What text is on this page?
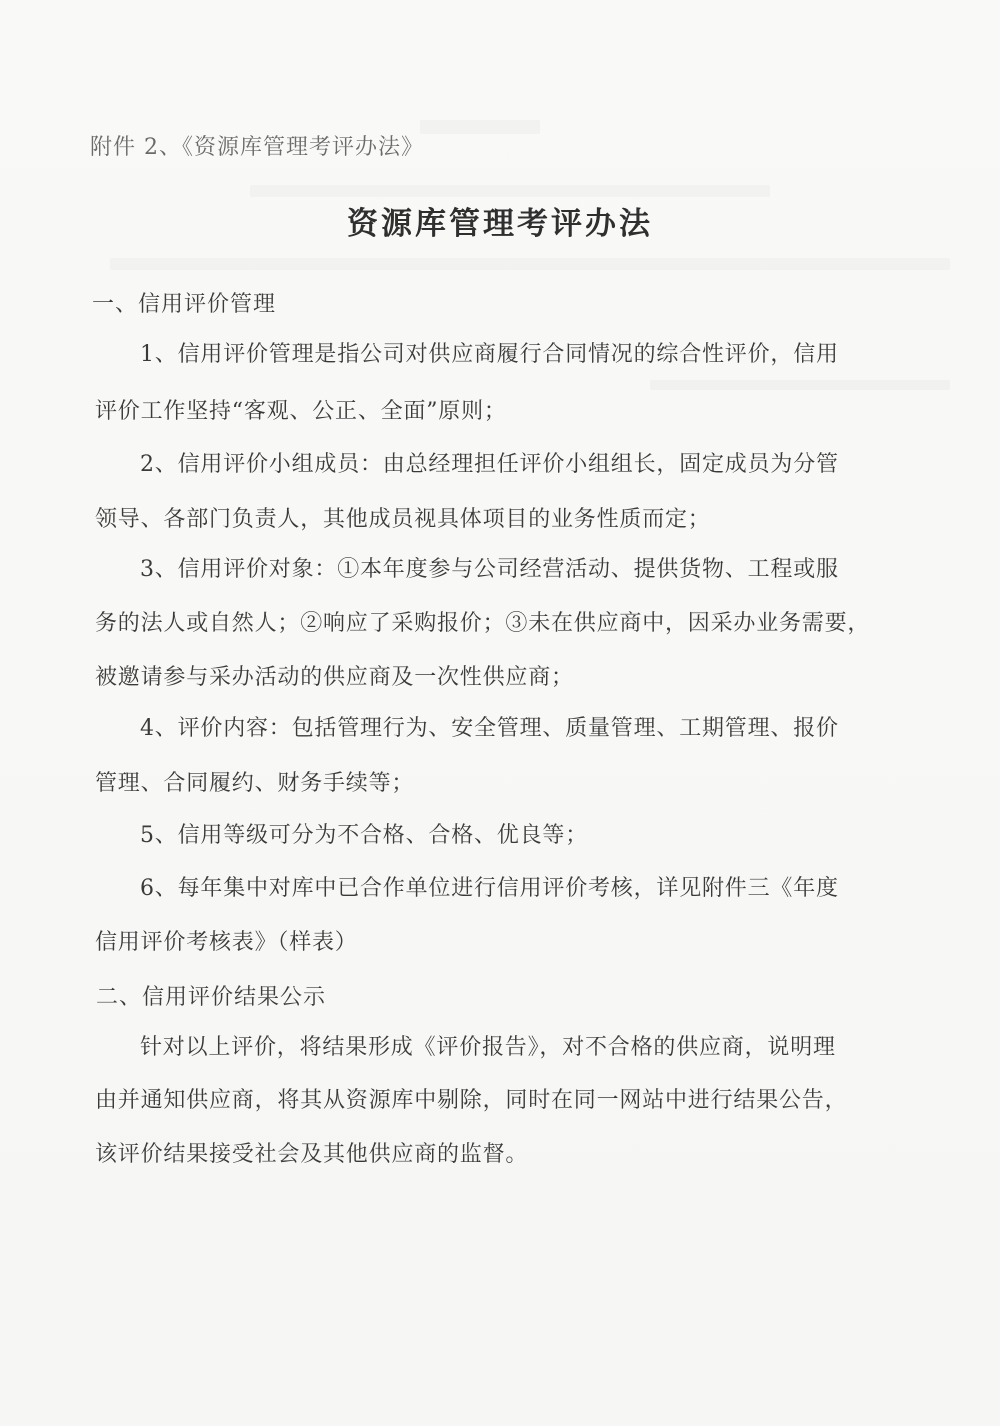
附件 2、《资源库管理考评办法》
资源库管理考评办法
一、信用评价管理
1、信用评价管理是指公司对供应商履行合同情况的综合性评价，信用
评价工作坚持“客观、公正、全面”原则；
2、信用评价小组成员：由总经理担任评价小组组长，固定成员为分管
领导、各部门负责人，其他成员视具体项目的业务性质而定；
3、信用评价对象：①本年度参与公司经营活动、提供货物、工程或服
务的法人或自然人；②响应了采购报价；③未在供应商中，因采办业务需要，
被邀请参与采办活动的供应商及一次性供应商；
4、评价内容：包括管理行为、安全管理、质量管理、工期管理、报价
管理、合同履约、财务手续等；
5、信用等级可分为不合格、合格、优良等；
6、每年集中对库中已合作单位进行信用评价考核，详见附件三《年度
信用评价考核表》（样表）
二、信用评价结果公示
针对以上评价，将结果形成《评价报告》，对不合格的供应商，说明理
由并通知供应商，将其从资源库中剔除，同时在同一网站中进行结果公告，
该评价结果接受社会及其他供应商的监督。
